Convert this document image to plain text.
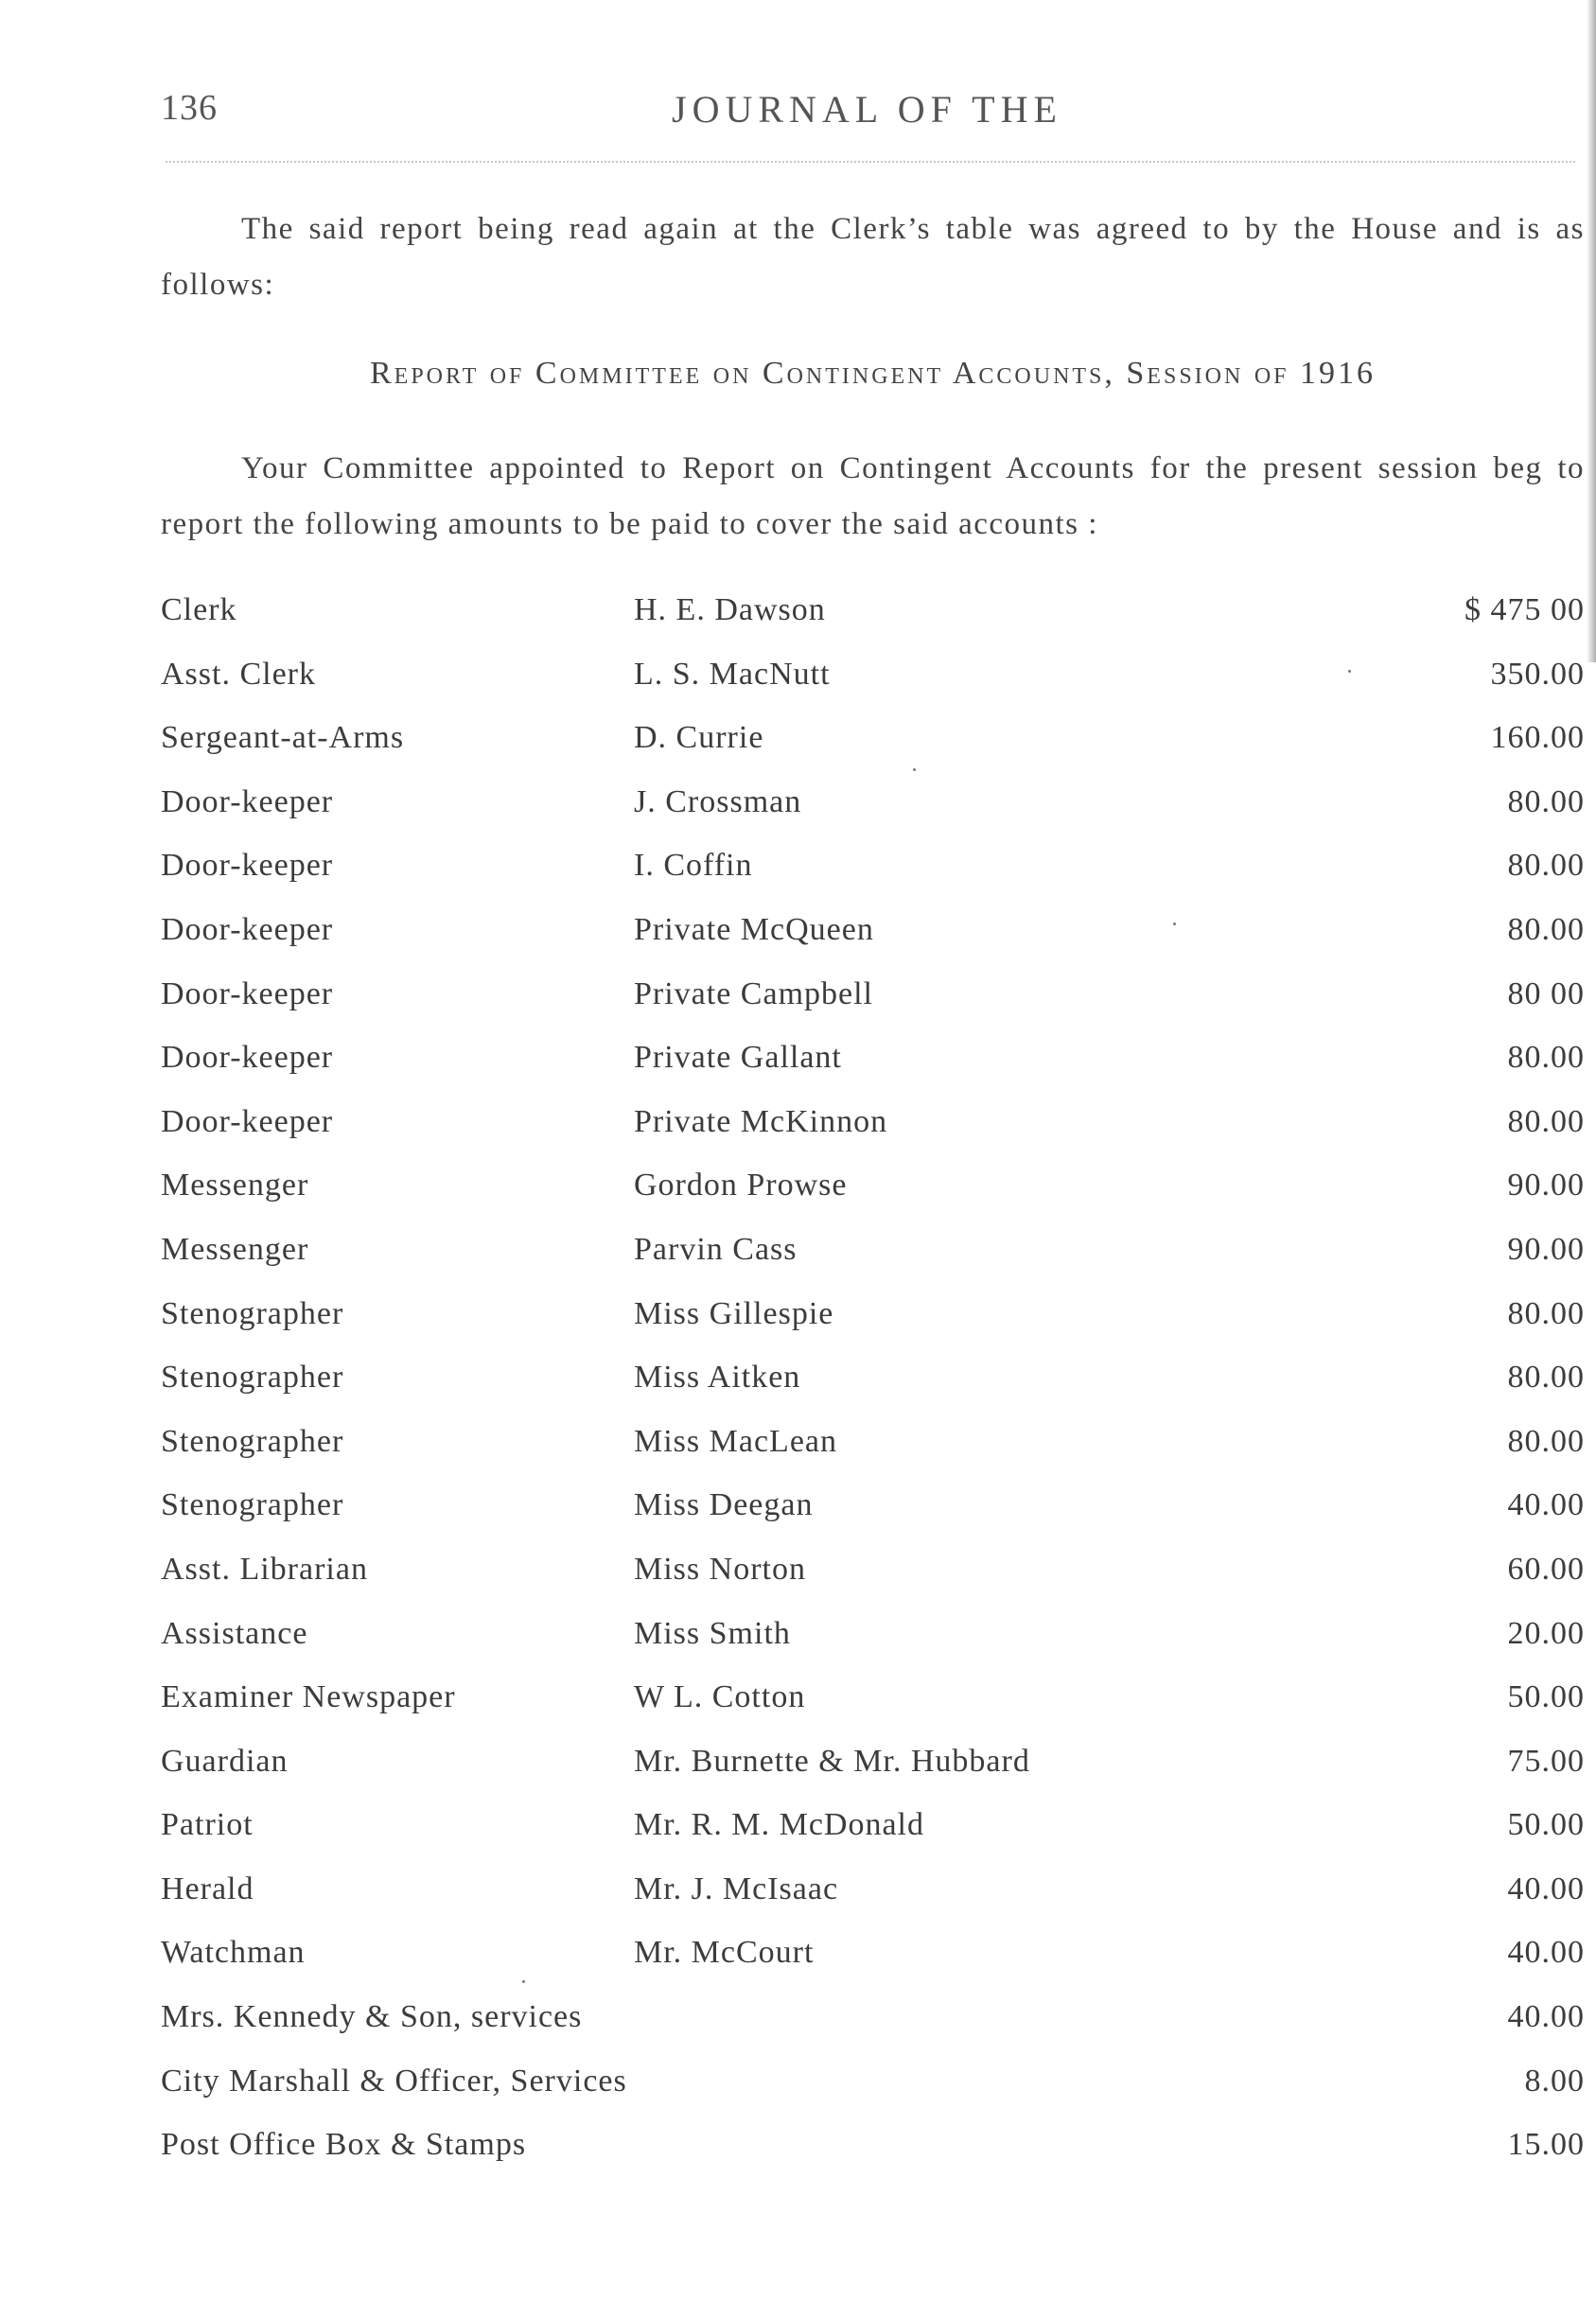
136	JOURNAL OF THE

The said report being read again at the Clerk’s table was agreed to by the House and is as follows:

Report of Committee on Contingent Accounts, Session of 1916

Your Committee appointed to Report on Contingent Accounts for the present session beg to report the following amounts to be paid to cover the said accounts :

Clerk	H. E. Dawson	$ 475 00
Asst. Clerk	L. S. MacNutt	350.00
Sergeant-at-Arms	D. Currie	160.00
Door-keeper	J. Crossman	80.00
Door-keeper	I. Coffin	80.00
Door-keeper	Private McQueen	80.00
Door-keeper	Private Campbell	80 00
Door-keeper	Private Gallant	80.00
Door-keeper	Private McKinnon	80.00
Messenger	Gordon Prowse	90.00
Messenger	Parvin Cass	90.00
Stenographer	Miss Gillespie	80.00
Stenographer	Miss Aitken	80.00
Stenographer	Miss MacLean	80.00
Stenographer	Miss Deegan	40.00
Asst. Librarian	Miss Norton	60.00
Assistance	Miss Smith	20.00
Examiner Newspaper	W L. Cotton	50.00
Guardian	Mr. Burnette & Mr. Hubbard	75.00
Patriot	Mr. R. M. McDonald	50.00
Herald	Mr. J. McIsaac	40.00
Watchman	Mr. McCourt	40.00
Mrs. Kennedy & Son, services	40.00
City Marshall & Officer, Services	8.00
Post Office Box & Stamps	15.00
